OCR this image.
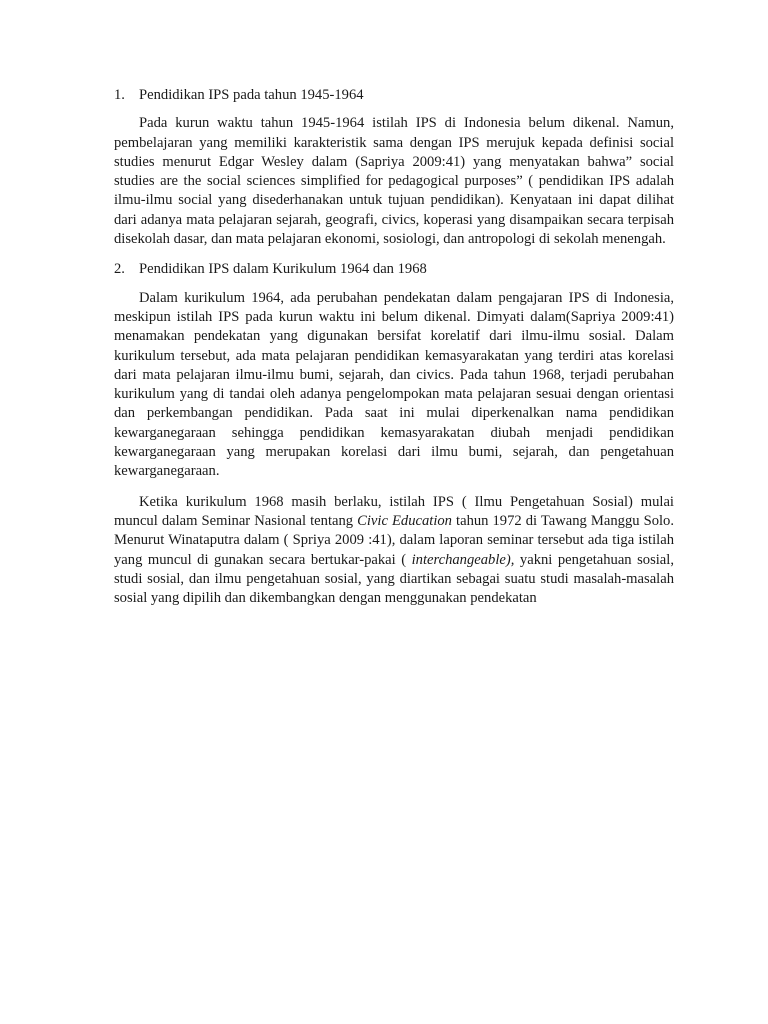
1. Pendidikan IPS pada tahun 1945-1964

Pada kurun waktu tahun 1945-1964 istilah IPS di Indonesia belum dikenal. Namun, pembelajaran yang memiliki karakteristik sama dengan IPS merujuk kepada definisi social studies menurut Edgar Wesley dalam (Sapriya 2009:41) yang menyatakan bahwa” social studies are the social sciences simplified for pedagogical purposes” ( pendidikan IPS adalah ilmu-ilmu social yang disederhanakan untuk tujuan pendidikan). Kenyataan ini dapat dilihat dari adanya mata pelajaran sejarah, geografi, civics, koperasi yang disampaikan secara terpisah disekolah dasar, dan mata pelajaran ekonomi, sosiologi, dan antropologi di sekolah menengah.

2. Pendidikan IPS dalam Kurikulum 1964 dan 1968

Dalam kurikulum 1964, ada perubahan pendekatan dalam pengajaran IPS di Indonesia, meskipun istilah IPS pada kurun waktu ini belum dikenal. Dimyati dalam(Sapriya 2009:41) menamakan pendekatan yang digunakan bersifat korelatif dari ilmu-ilmu sosial. Dalam kurikulum tersebut, ada mata pelajaran pendidikan kemasyarakatan yang terdiri atas korelasi dari mata pelajaran ilmu-ilmu bumi, sejarah, dan civics. Pada tahun 1968, terjadi perubahan kurikulum yang di tandai oleh adanya pengelompokan mata pelajaran sesuai dengan orientasi dan perkembangan pendidikan. Pada saat ini mulai diperkenalkan nama pendidikan kewarganegaraan sehingga pendidikan kemasyarakatan diubah menjadi pendidikan kewarganegaraan yang merupakan korelasi dari ilmu bumi, sejarah, dan pengetahuan kewarganegaraan.

Ketika kurikulum 1968 masih berlaku, istilah IPS ( Ilmu Pengetahuan Sosial) mulai muncul dalam Seminar Nasional tentang Civic Education tahun 1972 di Tawang Manggu Solo. Menurut Winataputra dalam ( Spriya 2009 :41), dalam laporan seminar tersebut ada tiga istilah yang muncul di gunakan secara bertukar-pakai ( interchangeable), yakni pengetahuan sosial, studi sosial, dan ilmu pengetahuan sosial, yang diartikan sebagai suatu studi masalah-masalah sosial yang dipilih dan dikembangkan dengan menggunakan pendekatan
